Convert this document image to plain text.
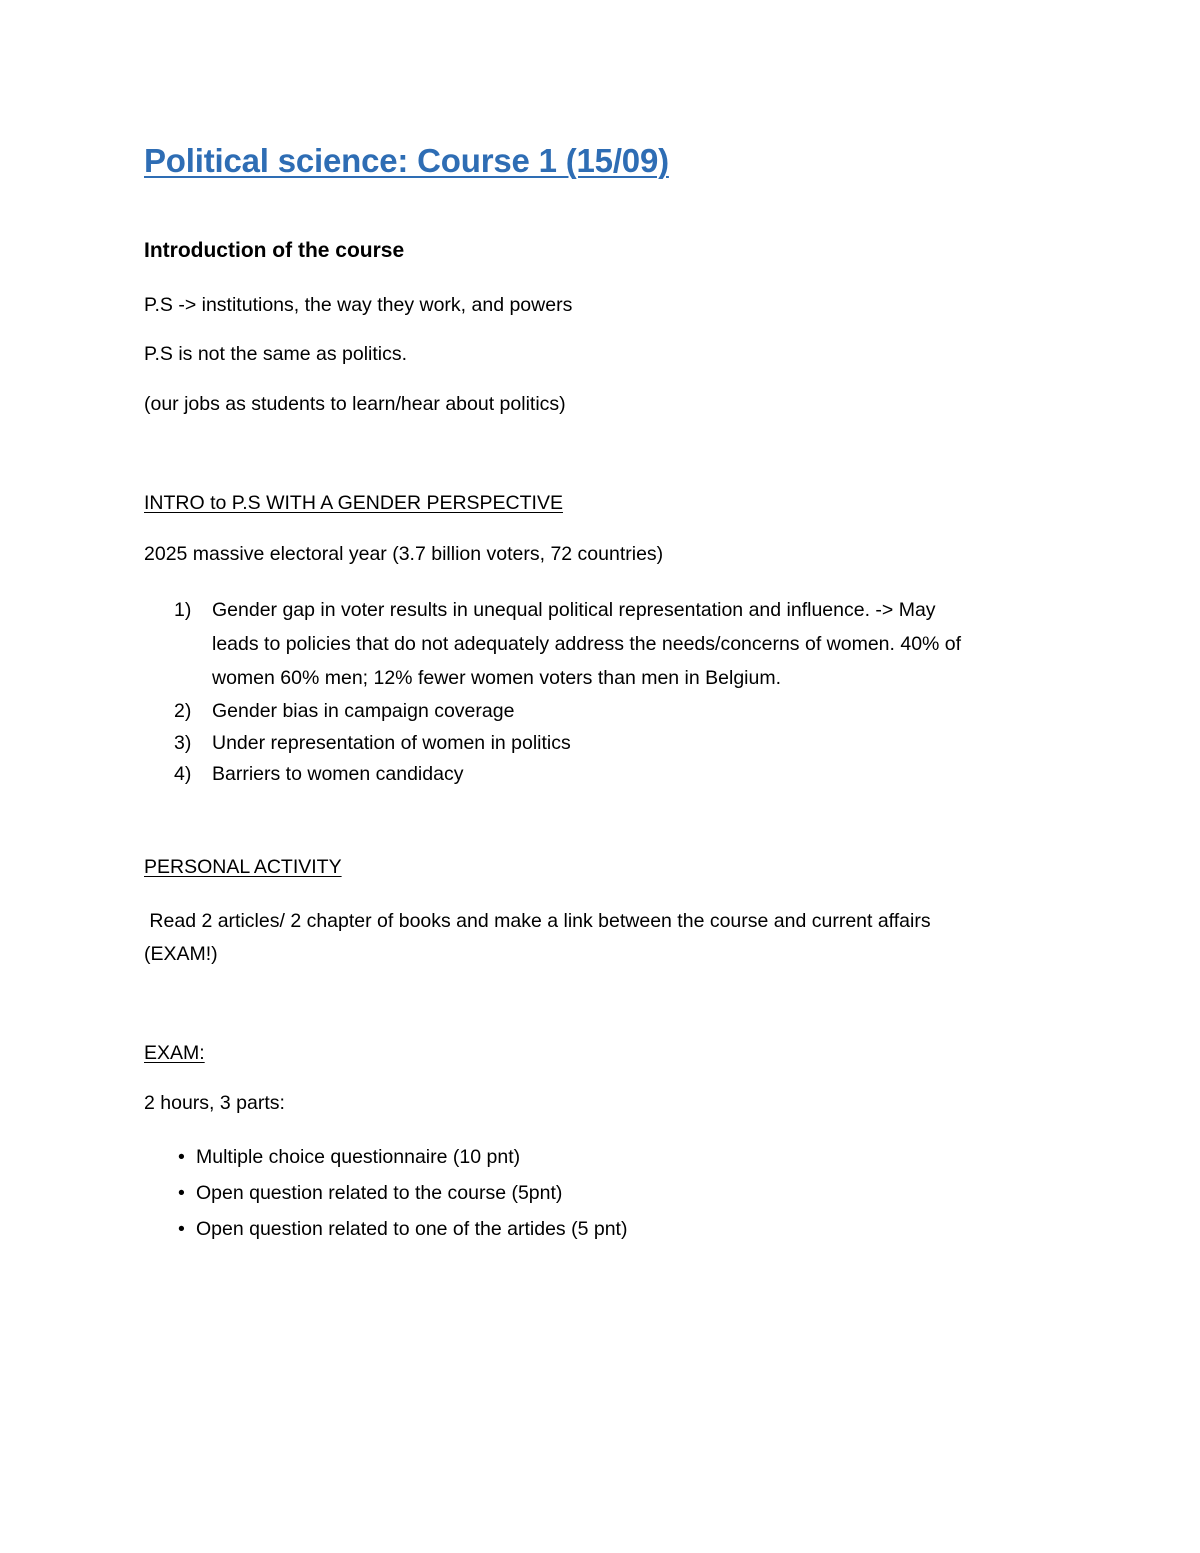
Political science: Course 1 (15/09)
Introduction of the course

P.S -> institutions, the way they work, and powers

P.S is not the same as politics.

(our jobs as students to learn/hear about politics)

INTRO to P.S WITH A GENDER PERSPECTIVE

2025 massive electoral year (3.7 billion voters, 72 countries)

1) Gender gap in voter results in unequal political representation and influence. -> May
leads to policies that do not adequately address the needs/concerns of women. 40% of
women 60% men; 12% fewer women voters than men in Belgium.
2) Gender bias in campaign coverage
3) Under representation of women in politics
4) Barriers to women candidacy

PERSONAL ACTIVITY

Read 2 articles/ 2 chapter of books and make a link between the course and current affairs
(EXAM!)

EXAM:

2 hours, 3 parts:

• Multiple choice questionnaire (10 pnt)
• Open question related to the course (5pnt)
• Open question related to one of the artides (5 pnt)
